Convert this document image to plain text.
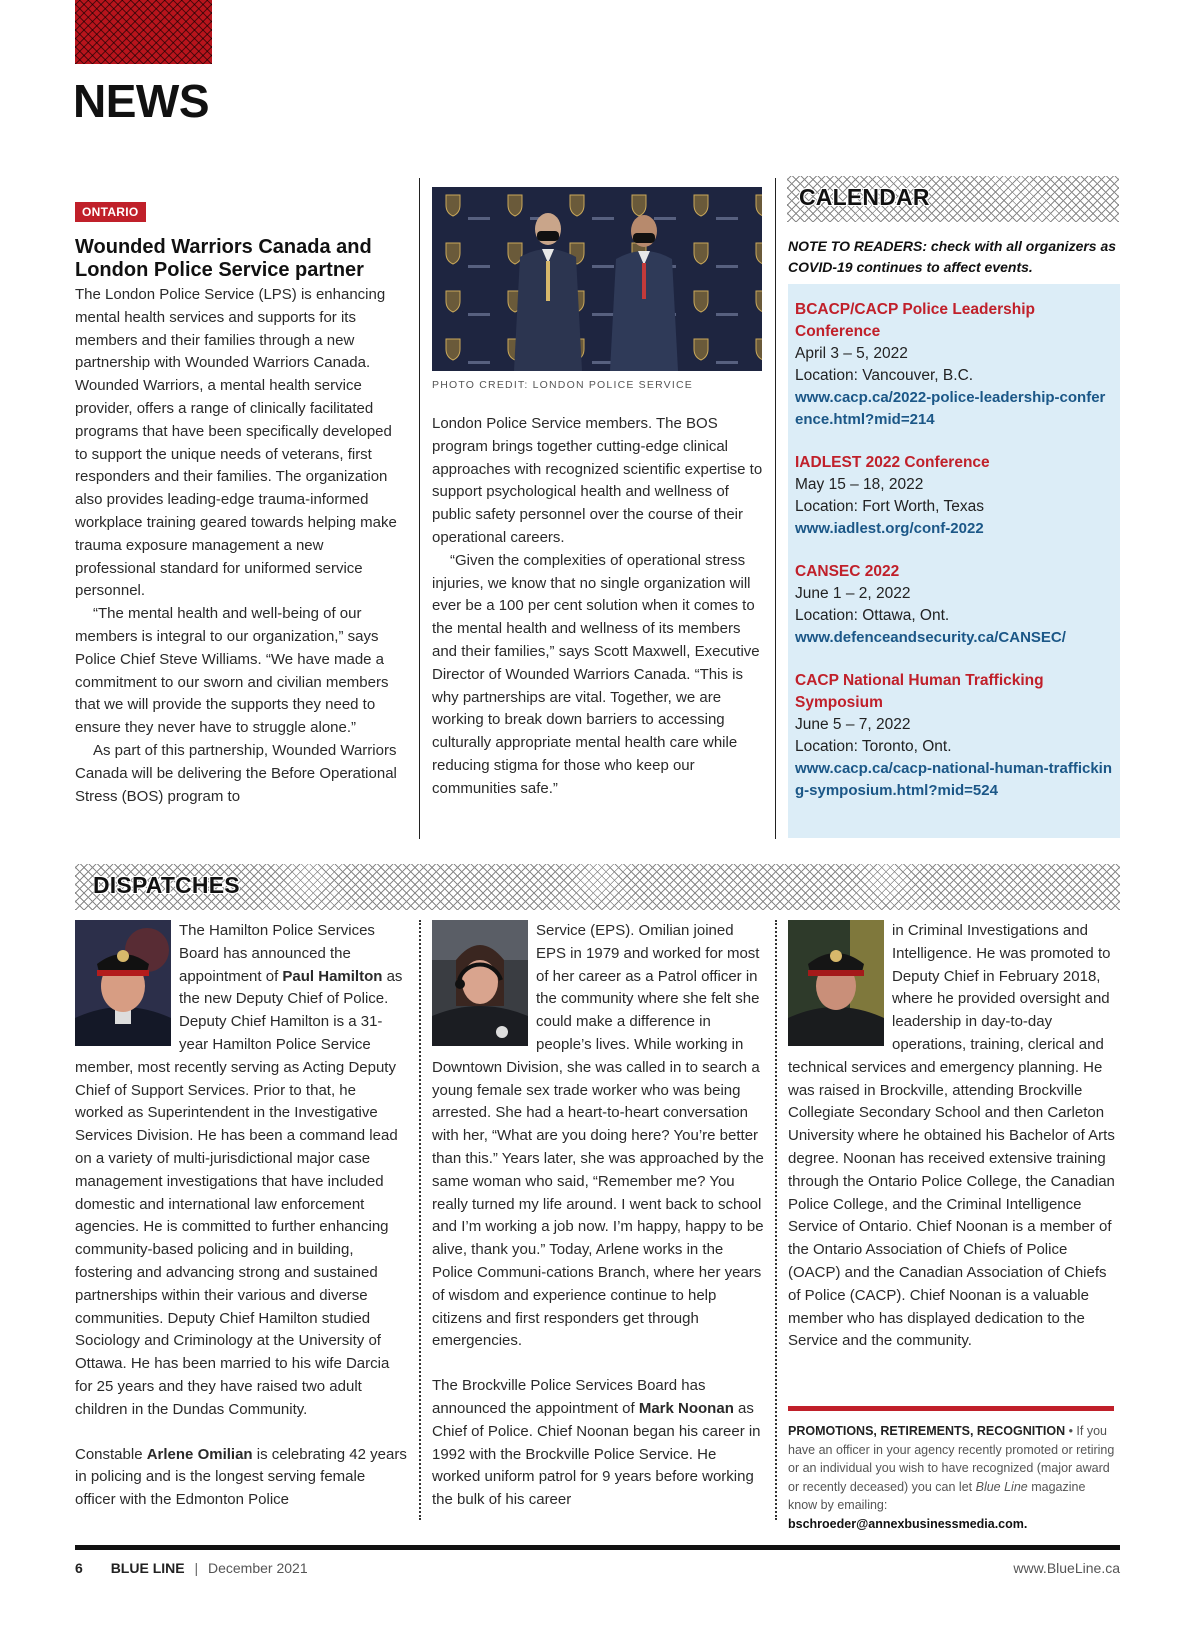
NEWS
ONTARIO
Wounded Warriors Canada and London Police Service partner

The London Police Service (LPS) is enhancing mental health services and supports for its members and their families through a new partnership with Wounded Warriors Canada. Wounded Warriors, a mental health service provider, offers a range of clinically facilitated programs that have been specifically developed to support the unique needs of veterans, first responders and their families. The organization also provides leading-edge trauma-informed workplace training geared towards helping make trauma exposure management a new professional standard for uniformed service personnel.

“The mental health and well-being of our members is integral to our organization,” says Police Chief Steve Williams. “We have made a commitment to our sworn and civilian members that we will provide the supports they need to ensure they never have to struggle alone.”

As part of this partnership, Wounded Warriors Canada will be delivering the Before Operational Stress (BOS) program to

PHOTO CREDIT: LONDON POLICE SERVICE

London Police Service members. The BOS program brings together cutting-edge clinical approaches with recognized scientific expertise to support psychological health and wellness of public safety personnel over the course of their operational careers.

“Given the complexities of operational stress injuries, we know that no single organization will ever be a 100 per cent solution when it comes to the mental health and wellness of its members and their families,” says Scott Maxwell, Executive Director of Wounded Warriors Canada. “This is why partnerships are vital. Together, we are working to break down barriers to accessing culturally appropriate mental health care while reducing stigma for those who keep our communities safe.”

CALENDAR
NOTE TO READERS: check with all organizers as COVID-19 continues to affect events.
BCACP/CACP Police Leadership Conference
April 3 – 5, 2022
Location: Vancouver, B.C.
www.cacp.ca/2022-police-leadership-conference.html?mid=214
IADLEST 2022 Conference
May 15 – 18, 2022
Location: Fort Worth, Texas
www.iadlest.org/conf-2022
CANSEC 2022
June 1 – 2, 2022
Location: Ottawa, Ont.
www.defenceandsecurity.ca/CANSEC/
CACP National Human Trafficking Symposium
June 5 – 7, 2022
Location: Toronto, Ont.
www.cacp.ca/cacp-national-human-trafficking-symposium.html?mid=524
DISPATCHES

The Hamilton Police Services Board has announced the appointment of Paul Hamilton as the new Deputy Chief of Police. Deputy Chief Hamilton is a 31-year Hamilton Police Service member, most recently serving as Acting Deputy Chief of Support Services. Prior to that, he worked as Superintendent in the Investigative Services Division. He has been a command lead on a variety of multi-jurisdictional major case management investigations that have included domestic and international law enforcement agencies. He is committed to further enhancing community-based policing and in building, fostering and advancing strong and sustained partnerships within their various and diverse communities. Deputy Chief Hamilton studied Sociology and Criminology at the University of Ottawa. He has been married to his wife Darcia for 25 years and they have raised two adult children in the Dundas Community.

Constable Arlene Omilian is celebrating 42 years in policing and is the longest serving female officer with the Edmonton Police

Service (EPS). Omilian joined EPS in 1979 and worked for most of her career as a Patrol officer in the community where she felt she could make a difference in people’s lives. While working in Downtown Division, she was called in to search a young female sex trade worker who was being arrested. She had a heart-to-heart conversation with her, “What are you doing here? You’re better than this.” Years later, she was approached by the same woman who said, “Remember me? You really turned my life around. I went back to school and I’m working a job now. I’m happy, happy to be alive, thank you.” Today, Arlene works in the Police Communi-cations Branch, where her years of wisdom and experience continue to help citizens and first responders get through emergencies.

The Brockville Police Services Board has announced the appointment of Mark Noonan as Chief of Police. Chief Noonan began his career in 1992 with the Brockville Police Service. He worked uniform patrol for 9 years before working the bulk of his career

in Criminal Investigations and Intelligence. He was promoted to Deputy Chief in February 2018, where he provided oversight and leadership in day-to-day operations, training, clerical and technical services and emergency planning. He was raised in Brockville, attending Brockville Collegiate Secondary School and then Carleton University where he obtained his Bachelor of Arts degree. Noonan has received extensive training through the Ontario Police College, the Canadian Police College, and the Criminal Intelligence Service of Ontario. Chief Noonan is a member of the Ontario Association of Chiefs of Police (OACP) and the Canadian Association of Chiefs of Police (CACP). Chief Noonan is a valuable member who has displayed dedication to the Service and the community.

PROMOTIONS, RETIREMENTS, RECOGNITION • If you have an officer in your agency recently promoted or retiring or an individual you wish to have recognized (major award or recently deceased) you can let Blue Line magazine know by emailing: bschroeder@annexbusinessmedia.com.
6 BLUE LINE | December 2021	www.BlueLine.ca
